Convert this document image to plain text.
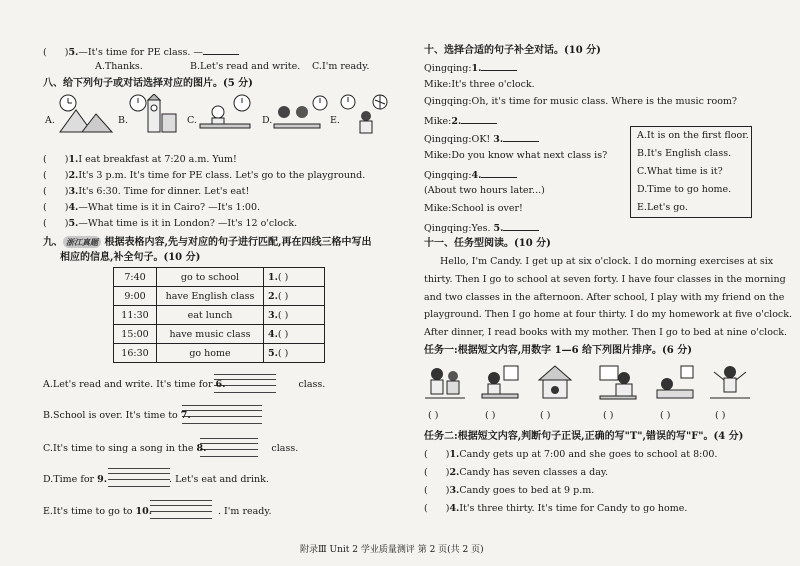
( )5.—It's time for PE class. —
A.Thanks.	B.Let's read and write. C.I'm ready.
八、给下列句子或对话选择对应的图片。(5 分)
A.	B.	C.	D.	E.
( )1.I eat breakfast at 7:20 a.m. Yum!
( )2.It's 3 p.m. It's time for PE class. Let's go to the playground.
( )3.It's 6:30. Time for dinner. Let's eat!
( )4.—What time is it in Cairo? —It's 1:00.
( )5.—What time is it in London? —It's 12 o'clock.
九、 浙江真题 根据表格内容,先与对应的句子进行匹配,再在四线三格中写出
相应的信息,补全句子。(10 分)
7:40	go to school	1.( )
9:00	have English class	2.( )
11:30	eat lunch	3.( )
15:00	have music class	4.( )
16:30	go home	5.( )
A.Let's read and write. It's time for 6.	class.
B.School is over. It's time to 7.
C.It's time to sing a song in the 8.	class.
D.Time for 9.	. Let's eat and drink.
E.It's time to go to 10.	. I'm ready.
十、选择合适的句子补全对话。(10 分)
Qingqing:1.
Mike:It's three o'clock.
Qingqing:Oh, it's time for music class. Where is the music room?
Mike:2.
Qingqing:OK! 3.
Mike:Do you know what next class is?
Qingqing:4.
(About two hours later...)
Mike:School is over!
Qingqing:Yes. 5.
A.It is on the first floor.
B.It's English class.
C.What time is it?
D.Time to go home.
E.Let's go.
十一、任务型阅读。(10 分)
Hello, I'm Candy. I get up at six o'clock. I do morning exercises at six
thirty. Then I go to school at seven forty. I have four classes in the morning
and two classes in the afternoon. After school, I play with my friend on the
playground. Then I go home at four thirty. I do my homework at five o'clock.
After dinner, I read books with my mother. Then I go to bed at nine o'clock.
任务一:根据短文内容,用数字 1—6 给下列图片排序。(6 分)
( )	( )	( )	( )	( )	( )
任务二:根据短文内容,判断句子正误,正确的写"T",错误的写"F"。(4 分)
( )1.Candy gets up at 7:00 and she goes to school at 8:00.
( )2.Candy has seven classes a day.
( )3.Candy goes to bed at 9 p.m.
( )4.It's three thirty. It's time for Candy to go home.
附录Ⅲ Unit 2 学业质量测评 第 2 页(共 2 页)
